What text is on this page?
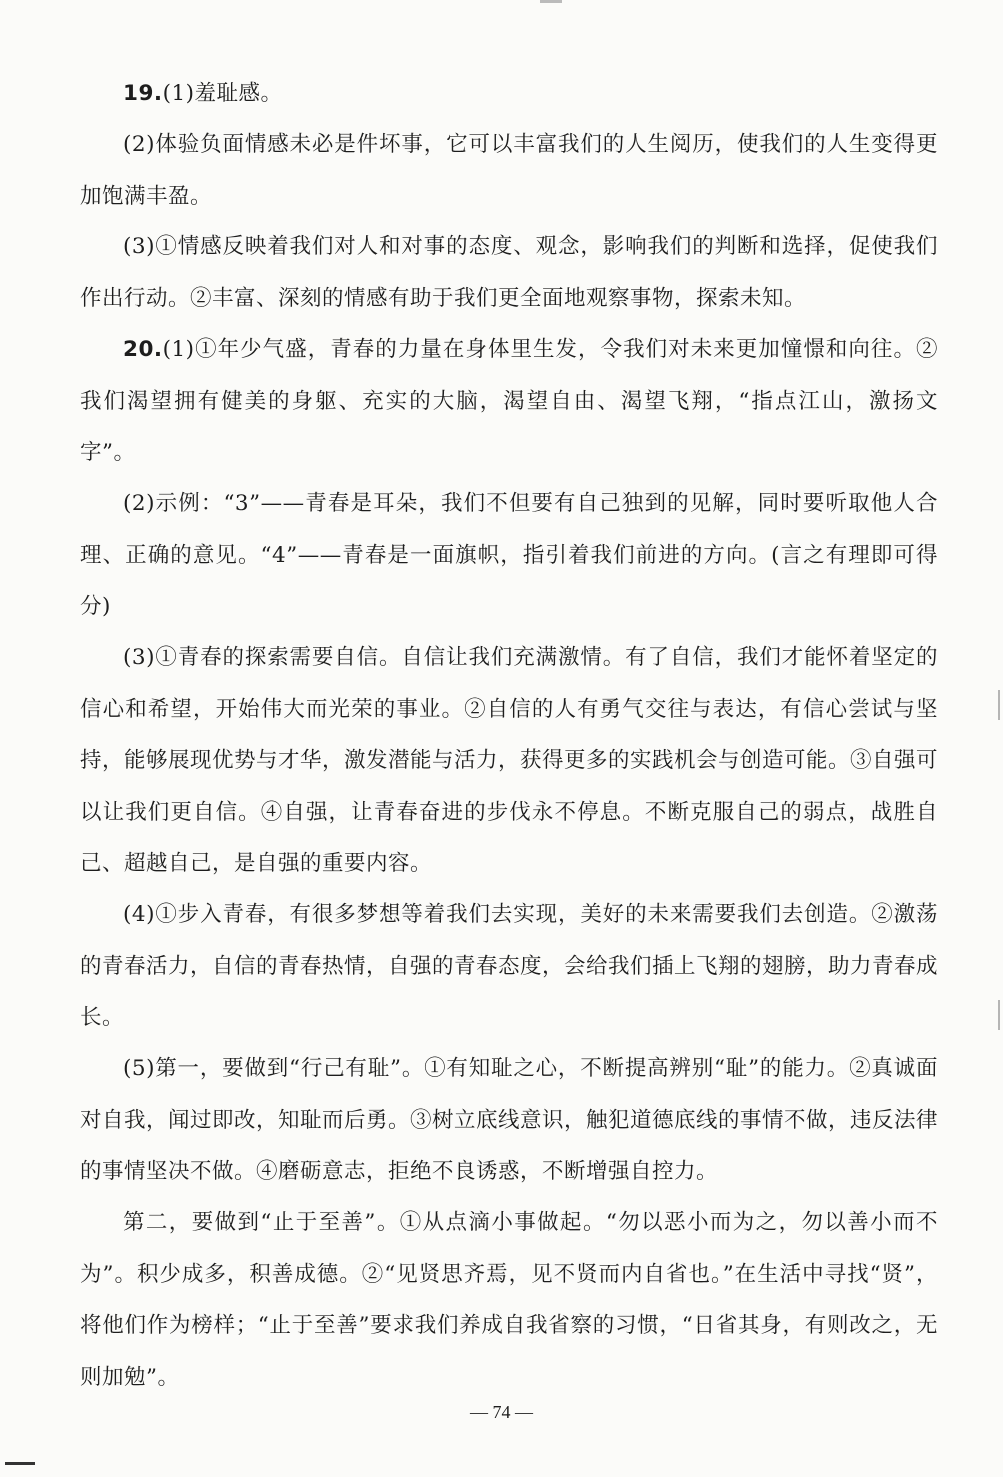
19.(1)羞耻感。

(2)体验负面情感未必是件坏事，它可以丰富我们的人生阅历，使我们的人生变得更加饱满丰盈。

(3)①情感反映着我们对人和对事的态度、观念，影响我们的判断和选择，促使我们作出行动。②丰富、深刻的情感有助于我们更全面地观察事物，探索未知。

20.(1)①年少气盛，青春的力量在身体里生发，令我们对未来更加憧憬和向往。②我们渴望拥有健美的身躯、充实的大脑，渴望自由、渴望飞翔，“指点江山，激扬文字”。

(2)示例：“3”——青春是耳朵，我们不但要有自己独到的见解，同时要听取他人合理、正确的意见。“4”——青春是一面旗帜，指引着我们前进的方向。(言之有理即可得分)

(3)①青春的探索需要自信。自信让我们充满激情。有了自信，我们才能怀着坚定的信心和希望，开始伟大而光荣的事业。②自信的人有勇气交往与表达，有信心尝试与坚持，能够展现优势与才华，激发潜能与活力，获得更多的实践机会与创造可能。③自强可以让我们更自信。④自强，让青春奋进的步伐永不停息。不断克服自己的弱点，战胜自己、超越自己，是自强的重要内容。

(4)①步入青春，有很多梦想等着我们去实现，美好的未来需要我们去创造。②激荡的青春活力，自信的青春热情，自强的青春态度，会给我们插上飞翔的翅膀，助力青春成长。

(5)第一，要做到“行己有耻”。①有知耻之心，不断提高辨别“耻”的能力。②真诚面对自我，闻过即改，知耻而后勇。③树立底线意识，触犯道德底线的事情不做，违反法律的事情坚决不做。④磨砺意志，拒绝不良诱惑，不断增强自控力。

第二，要做到“止于至善”。①从点滴小事做起。“勿以恶小而为之，勿以善小而不为”。积少成多，积善成德。②“见贤思齐焉，见不贤而内自省也。”在生活中寻找“贤”，将他们作为榜样；“止于至善”要求我们养成自我省察的习惯，“日省其身，有则改之，无则加勉”。

— 74 —
